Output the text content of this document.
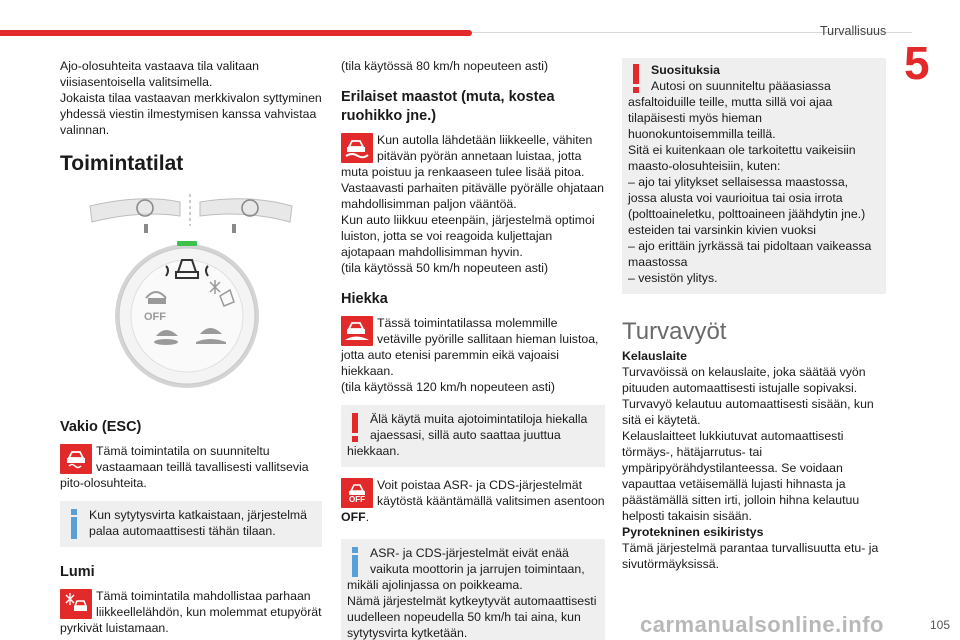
Turvallisuus
5

Ajo-olosuhteita vastaava tila valitaan viisiasentoisella valitsimella.
Jokaista tilaa vastaavan merkkivalon syttyminen yhdessä viestin ilmestymisen kanssa vahvistaa valinnan.

Toimintatilat
OFF
Vakio (ESC)
Tämä toimintatila on suunniteltu vastaamaan teillä tavallisesti vallitsevia pito-olosuhteita.
Kun sytytysvirta katkaistaan, järjestelmä palaa automaattisesti tähän tilaan.
Lumi
Tämä toimintatila mahdollistaa parhaan liikkeellelähdön, kun molemmat etupyörät pyrkivät luistamaan.

(tila käytössä 80 km/h nopeuteen asti)

Erilaiset maastot (muta, kostea ruohikko jne.)
Kun autolla lähdetään liikkeelle, vähiten pitävän pyörän annetaan luistaa, jotta muta poistuu ja renkaaseen tulee lisää pitoa.
Vastaavasti parhaiten pitävälle pyörälle ohjataan mahdollisimman paljon vääntöä.
Kun auto liikkuu eteenpäin, järjestelmä optimoi luiston, jotta se voi reagoida kuljettajan ajotapaan mahdollisimman hyvin.
(tila käytössä 50 km/h nopeuteen asti)
Hiekka
Tässä toimintatilassa molemmille vetäville pyörille sallitaan hieman luistoa, jotta auto etenisi paremmin eikä vajoaisi hiekkaan.
(tila käytössä 120 km/h nopeuteen asti)
Älä käytä muita ajotoimintatiloja hiekalla ajaessasi, sillä auto saattaa juuttua hiekkaan.
OFF
Voit poistaa ASR- ja CDS-järjestelmät käytöstä kääntämällä valitsimen asentoon OFF.
ASR- ja CDS-järjestelmät eivät enää vaikuta moottorin ja jarrujen toimintaan, mikäli ajolinjassa on poikkeama.
Nämä järjestelmät kytkeytyvät automaattisesti uudelleen nopeudella 50 km/h tai aina, kun sytytysvirta kytketään.
Suosituksia
Autosi on suunniteltu pääasiassa asfaltoiduille teille, mutta sillä voi ajaa tilapäisesti myös hieman huonokuntoisemmilla teillä.
Sitä ei kuitenkaan ole tarkoitettu vaikeisiin maasto-olosuhteisiin, kuten:
– ajo tai ylitykset sellaisessa maastossa, jossa alusta voi vaurioitua tai osia irrota (polttoaineletku, polttoaineen jäähdytin jne.) esteiden tai varsinkin kivien vuoksi
– ajo erittäin jyrkässä tai pidoltaan vaikeassa maastossa
– vesistön ylitys.
Turvavyöt
Kelauslaite

Turvavöissä on kelauslaite, joka säätää vyön pituuden automaattisesti istujalle sopivaksi. Turvavyö kelautuu automaattisesti sisään, kun sitä ei käytetä.
Kelauslaitteet lukkiutuvat automaattisesti törmäys-, hätäjarrutus- tai ympäripyörähdystilanteessa. Se voidaan vapauttaa vetäisemällä lujasti hihnasta ja päästämällä sitten irti, jolloin hihna kelautuu helposti takaisin sisään.

Pyrotekninen esikiristys

Tämä järjestelmä parantaa turvallisuutta etu- ja sivutörmäyksissä.

105
carmanualsonline.info
